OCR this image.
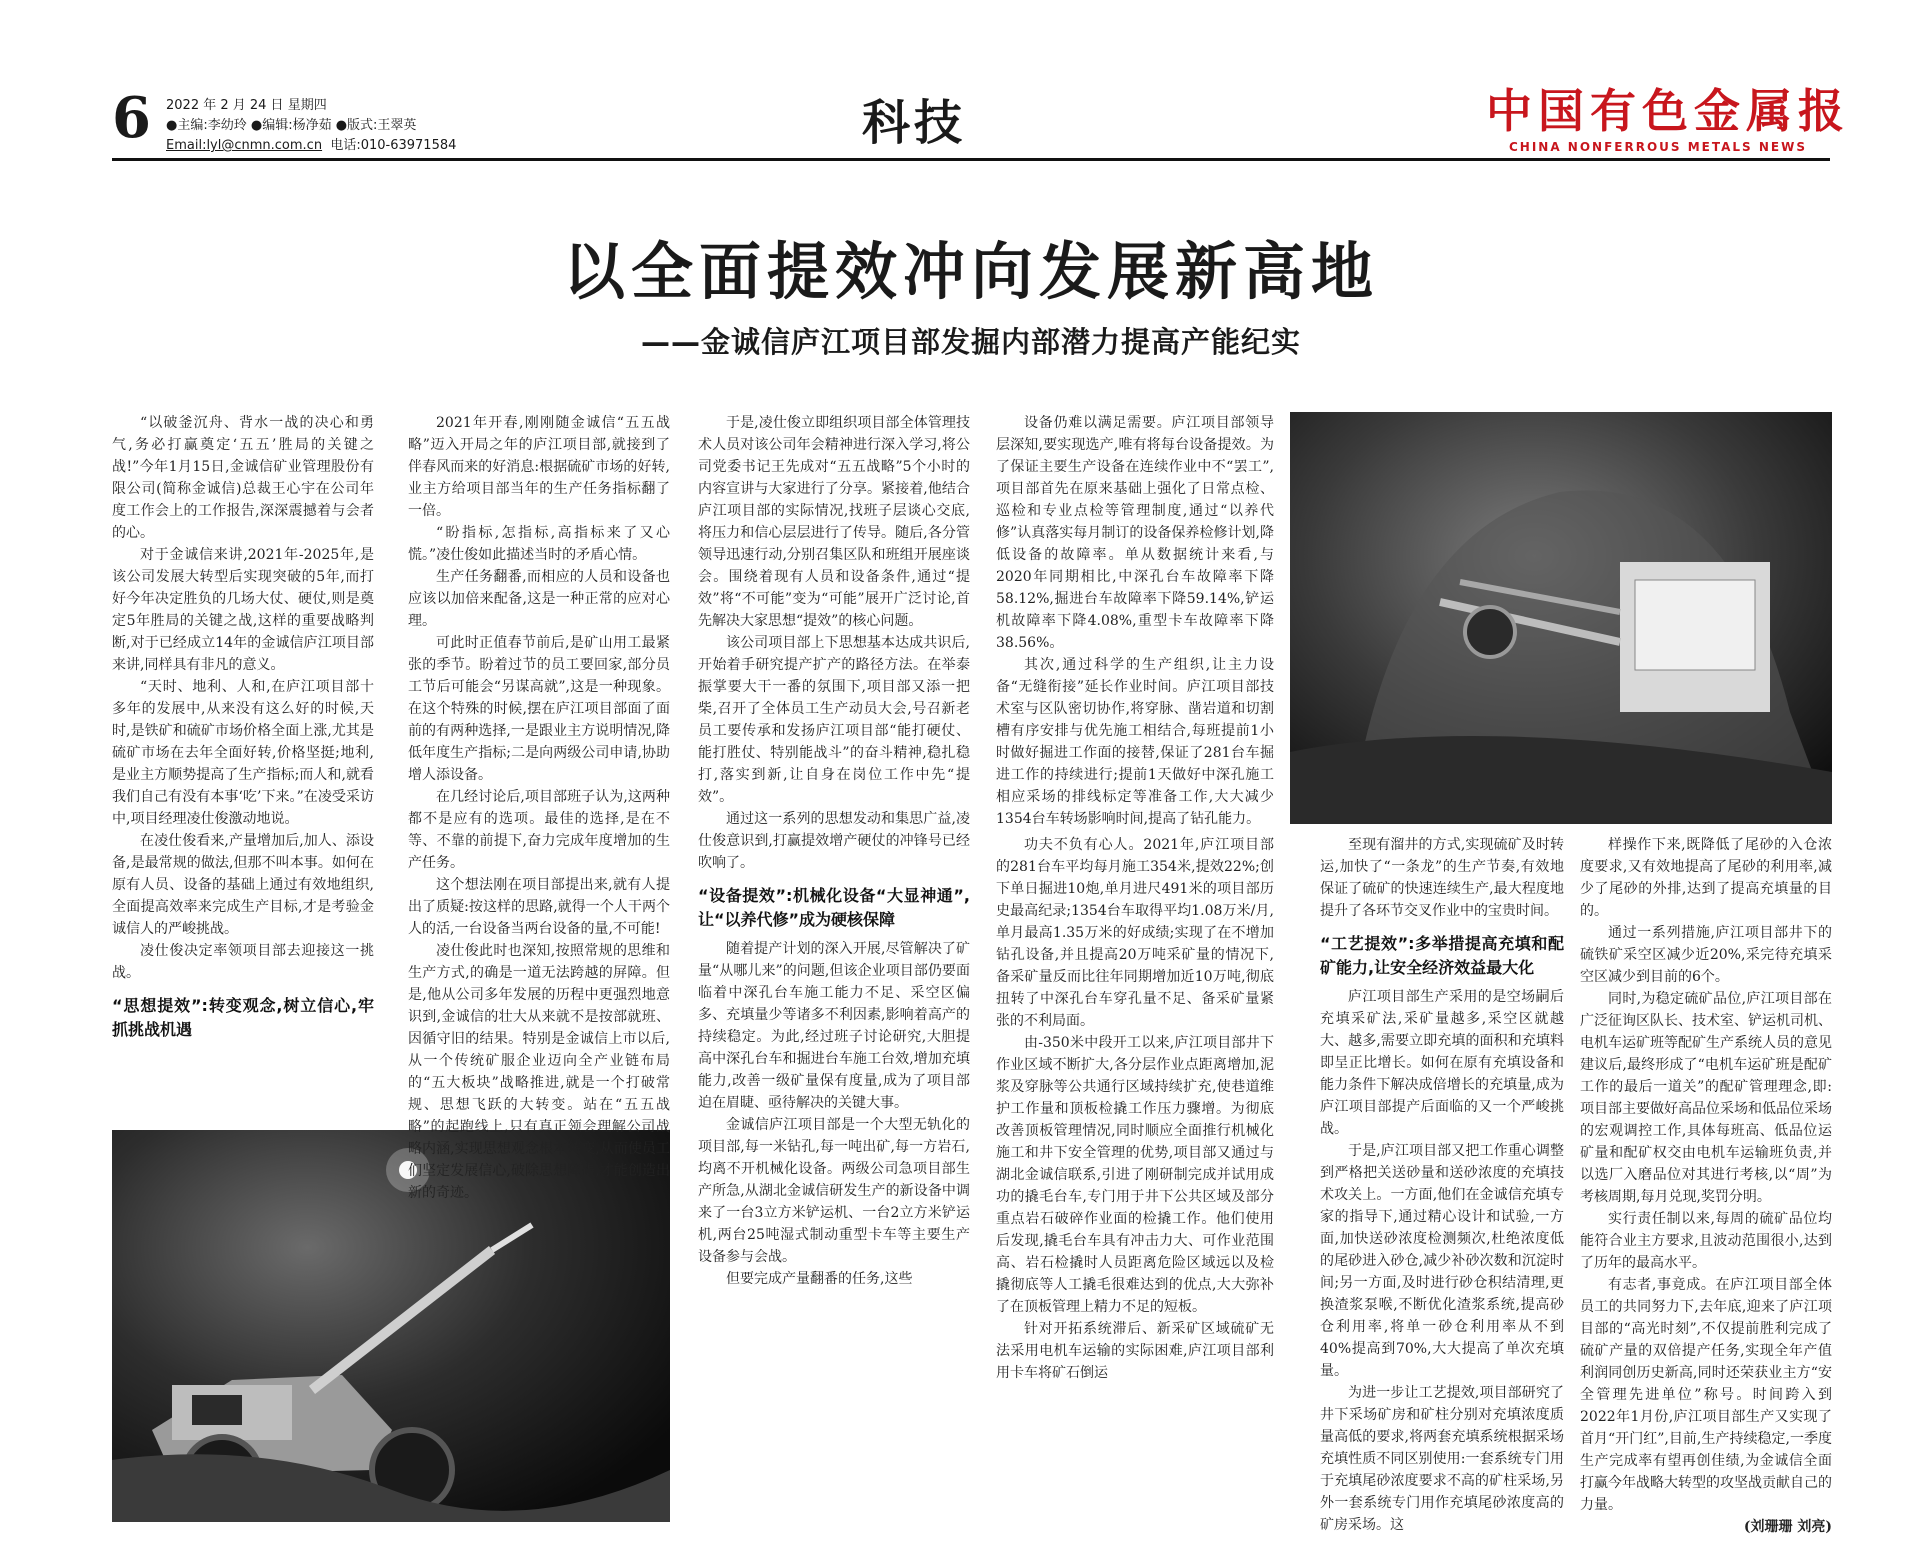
6 2022 年 2 月 24 日 星期四
●主编:李幼玲 ●编辑:杨净茹 ●版式:王翠英
Email:lyl@cnmn.com.cn 电话:010-63971584	科技	中国有色金属报
CHINA NONFERROUS METALS NEWS
以全面提效冲向发展新高地
——金诚信庐江项目部发掘内部潜力提高产能纪实

“以破釜沉舟、背水一战的决心和勇气,务必打赢奠定‘五五’胜局的关键之战!”今年1月15日,金诚信矿业管理股份有限公司(简称金诚信)总裁王心宇在公司年度工作会上的工作报告,深深震撼着与会者的心。

对于金诚信来讲,2021年-2025年,是该公司发展大转型后实现突破的5年,而打好今年决定胜负的几场大仗、硬仗,则是奠定5年胜局的关键之战,这样的重要战略判断,对于已经成立14年的金诚信庐江项目部来讲,同样具有非凡的意义。

“天时、地利、人和,在庐江项目部十多年的发展中,从来没有这么好的时候,天时,是铁矿和硫矿市场价格全面上涨,尤其是硫矿市场在去年全面好转,价格坚挺;地利,是业主方顺势提高了生产指标;而人和,就看我们自己有没有本事‘吃’下来。”在凌受采访中,项目经理凌仕俊激动地说。

在凌仕俊看来,产量增加后,加人、添设备,是最常规的做法,但那不叫本事。如何在原有人员、设备的基础上通过有效地组织,全面提高效率来完成生产目标,才是考验金诚信人的严峻挑战。

凌仕俊决定率领项目部去迎接这一挑战。

“思想提效”:转变观念,树立信心,牢抓挑战机遇

2021年开春,刚刚随金诚信“五五战略”迈入开局之年的庐江项目部,就接到了伴春风而来的好消息:根据硫矿市场的好转,业主方给项目部当年的生产任务指标翻了一倍。

“盼指标,怎指标,高指标来了又心慌。”凌仕俊如此描述当时的矛盾心情。

生产任务翻番,而相应的人员和设备也应该以加倍来配备,这是一种正常的应对心理。

可此时正值春节前后,是矿山用工最紧张的季节。盼着过节的员工要回家,部分员工节后可能会“另谋高就”,这是一种现象。在这个特殊的时候,摆在庐江项目部面了面前的有两种选择,一是跟业主方说明情况,降低年度生产指标;二是向两级公司申请,协助增人添设备。

在几经讨论后,项目部班子认为,这两种都不是应有的选项。最佳的选择,是在不等、不靠的前提下,奋力完成年度增加的生产任务。

这个想法刚在项目部提出来,就有人提出了质疑:按这样的思路,就得一个人干两个人的活,一台设备当两台设备的量,不可能!

凌仕俊此时也深知,按照常规的思维和生产方式,的确是一道无法跨越的屏障。但是,他从公司多年发展的历程中更强烈地意识到,金诚信的壮大从来就不是按部就班、因循守旧的结果。特别是金诚信上市以后,从一个传统矿服企业迈向全产业链布局的“五大板块”战略推进,就是一个打破常规、思想飞跃的大转变。站在“五五战略”的起跑线上,只有真正领会理解公司战略内涵,实现思想观念根本转变,从而使员工们坚定发展信心,破除思想障碍,才能创造出新的奇迹。

于是,凌仕俊立即组织项目部全体管理技术人员对该公司年会精神进行深入学习,将公司党委书记王先成对“五五战略”5个小时的内容宣讲与大家进行了分享。紧接着,他结合庐江项目部的实际情况,找班子层谈心交底,将压力和信心层层进行了传导。随后,各分管领导迅速行动,分别召集区队和班组开展座谈会。围绕着现有人员和设备条件,通过“提效”将“不可能”变为“可能”展开广泛讨论,首先解决大家思想“提效”的核心问题。

该公司项目部上下思想基本达成共识后,开始着手研究提产扩产的路径方法。在举泰振掌要大干一番的氛围下,项目部又添一把柴,召开了全体员工生产动员大会,号召新老员工要传承和发扬庐江项目部“能打硬仗、能打胜仗、特别能战斗”的奋斗精神,稳扎稳打,落实到新,让自身在岗位工作中先“提效”。

通过这一系列的思想发动和集思广益,凌仕俊意识到,打赢提效增产硬仗的冲锋号已经吹响了。

“设备提效”:机械化设备“大显神通”,让“以养代修”成为硬核保障

随着提产计划的深入开展,尽管解决了矿量“从哪儿来”的问题,但该企业项目部仍要面临着中深孔台车施工能力不足、采空区偏多、充填量少等诸多不利因素,影响着高产的持续稳定。为此,经过班子讨论研究,大胆提高中深孔台车和掘进台车施工台效,增加充填能力,改善一级矿量保有度量,成为了项目部迫在眉睫、亟待解决的关键大事。

金诚信庐江项目部是一个大型无轨化的项目部,每一米钻孔,每一吨出矿,每一方岩石,均离不开机械化设备。两级公司急项目部生产所急,从湖北金诚信研发生产的新设备中调来了一台3立方米铲运机、一台2立方米铲运机,两台25吨湿式制动重型卡车等主要生产设备参与会战。

但要完成产量翻番的任务,这些

设备仍难以满足需要。庐江项目部领导层深知,要实现选产,唯有将每台设备提效。为了保证主要生产设备在连续作业中不“罢工”,项目部首先在原来基础上强化了日常点检、巡检和专业点检等管理制度,通过“以养代修”认真落实每月制订的设备保养检修计划,降低设备的故障率。单从数据统计来看,与2020年同期相比,中深孔台车故障率下降58.12%,掘进台车故障率下降59.14%,铲运机故障率下降4.08%,重型卡车故障率下降38.56%。

其次,通过科学的生产组织,让主力设备“无缝衔接”延长作业时间。庐江项目部技术室与区队密切协作,将穿脉、凿岩道和切割槽有序安排与优先施工相结合,每班提前1小时做好掘进工作面的接替,保证了281台车掘进工作的持续进行;提前1天做好中深孔施工相应采场的排线标定等准备工作,大大减少1354台车转场影响时间,提高了钻孔能力。

功夫不负有心人。2021年,庐江项目部的281台车平均每月施工354米,提效22%;创下单日掘进10炮,单月进尺491米的项目部历史最高纪录;1354台车取得平均1.08万米/月,单月最高1.35万米的好成绩;实现了在不增加钻孔设备,并且提高20万吨采矿量的情况下,备采矿量反而比往年同期增加近10万吨,彻底扭转了中深孔台车穿孔量不足、备采矿量紧张的不利局面。

由-350米中段开工以来,庐江项目部井下作业区域不断扩大,各分层作业点距离增加,泥浆及穿脉等公共通行区域持续扩充,使巷道维护工作量和顶板检撬工作压力骤增。为彻底改善顶板管理情况,同时顺应全面推行机械化施工和井下安全管理的优势,项目部又通过与湖北金诚信联系,引进了刚研制完成并试用成功的撬毛台车,专门用于井下公共区域及部分重点岩石破碎作业面的检撬工作。他们使用后发现,撬毛台车具有冲击力大、可作业范围高、岩石检撬时人员距离危险区域远以及检撬彻底等人工撬毛很难达到的优点,大大弥补了在顶板管理上精力不足的短板。

针对开拓系统滞后、新采矿区域硫矿无法采用电机车运输的实际困难,庐江项目部利用卡车将矿石倒运

至现有溜井的方式,实现硫矿及时转运,加快了“一条龙”的生产节奏,有效地保证了硫矿的快速连续生产,最大程度地提升了各环节交叉作业中的宝贵时间。

“工艺提效”:多举措提高充填和配矿能力,让安全经济效益最大化

庐江项目部生产采用的是空场嗣后充填采矿法,采矿量越多,采空区就越大、越多,需要立即充填的面积和充填料即呈正比增长。如何在原有充填设备和能力条件下解决成倍增长的充填量,成为庐江项目部提产后面临的又一个严峻挑战。

于是,庐江项目部又把工作重心调整到严格把关送砂量和送砂浓度的充填技术攻关上。一方面,他们在金诚信充填专家的指导下,通过精心设计和试验,一方面,加快送砂浓度检测频次,杜绝浓度低的尾砂进入砂仓,减少补砂次数和沉淀时间;另一方面,及时进行砂仓积结清理,更换渣浆泵喉,不断优化渣浆系统,提高砂仓利用率,将单一砂仓利用率从不到40%提高到70%,大大提高了单次充填量。

为进一步让工艺提效,项目部研究了井下采场矿房和矿柱分别对充填浓度质量高低的要求,将两套充填系统根据采场充填性质不同区别使用:一套系统专门用于充填尾砂浓度要求不高的矿柱采场,另外一套系统专门用作充填尾砂浓度高的矿房采场。这

样操作下来,既降低了尾砂的入仓浓度要求,又有效地提高了尾砂的利用率,减少了尾砂的外排,达到了提高充填量的目的。

通过一系列措施,庐江项目部井下的硫铁矿采空区减少近20%,采完待充填采空区减少到目前的6个。

同时,为稳定硫矿品位,庐江项目部在广泛征询区队长、技术室、铲运机司机、电机车运矿班等配矿生产系统人员的意见建议后,最终形成了“电机车运矿班是配矿工作的最后一道关”的配矿管理理念,即:项目部主要做好高品位采场和低品位采场的宏观调控工作,具体每班高、低品位运矿量和配矿权交由电机车运输班负责,并以选厂入磨品位对其进行考核,以“周”为考核周期,每月兑现,奖罚分明。

实行责任制以来,每周的硫矿品位均能符合业主方要求,且波动范围很小,达到了历年的最高水平。

有志者,事竟成。在庐江项目部全体员工的共同努力下,去年底,迎来了庐江项目部的“高光时刻”,不仅提前胜利完成了硫矿产量的双倍提产任务,实现全年产值利润同创历史新高,同时还荣获业主方“安全管理先进单位”称号。时间跨入到2022年1月份,庐江项目部生产又实现了首月“开门红”,目前,生产持续稳定,一季度生产完成率有望再创佳绩,为金诚信全面打赢今年战略大转型的攻坚战贡献自己的力量。

(刘珊珊 刘亮)
